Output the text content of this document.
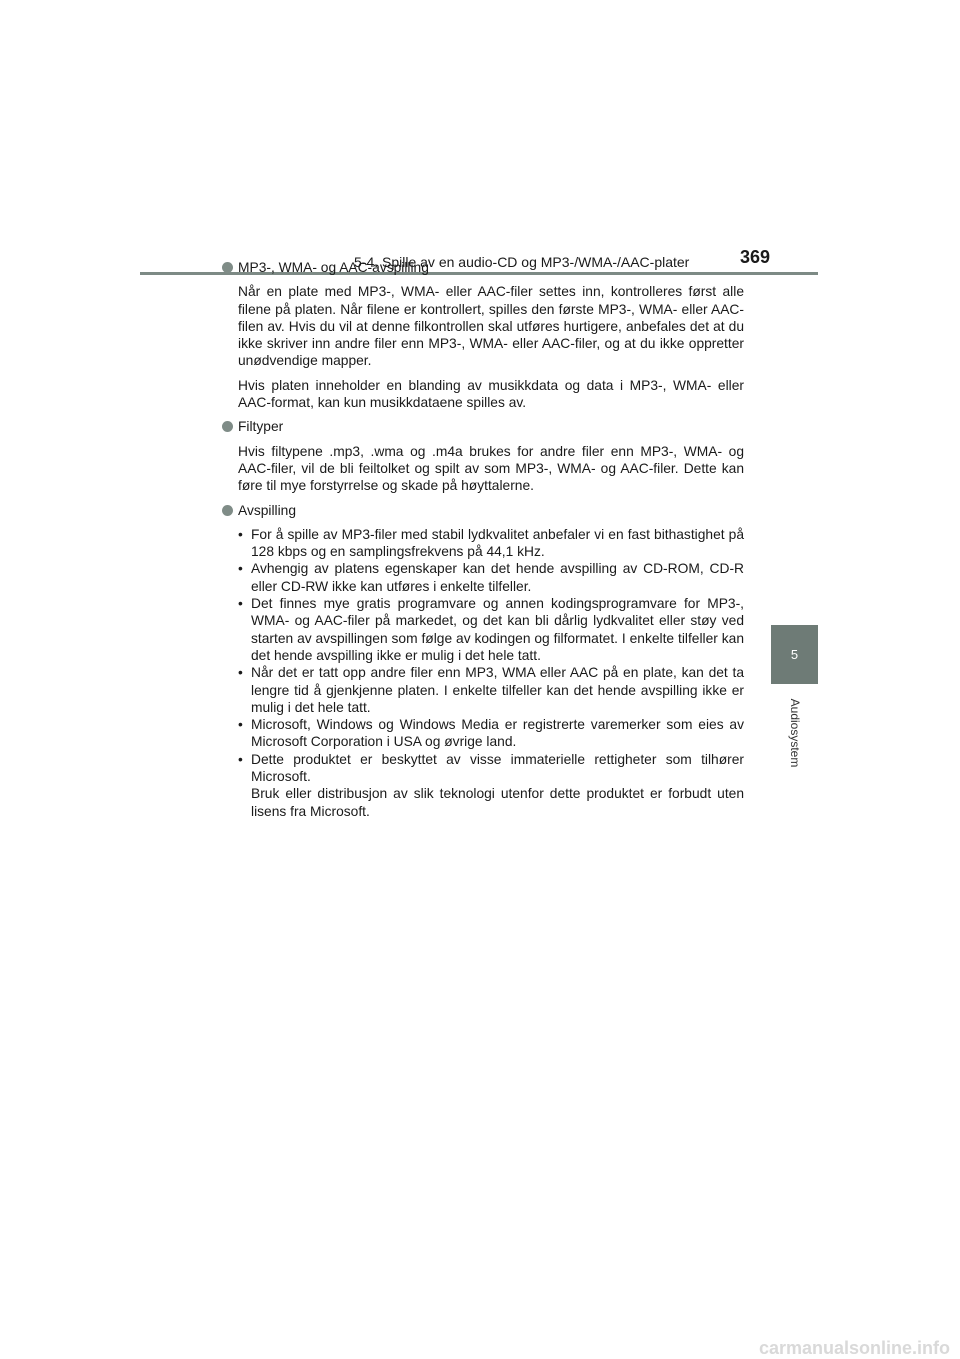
5-4. Spille av en audio-CD og MP3-/WMA-/AAC-plater	369
5
Audiosystem
MP3-, WMA- og AAC-avspilling

Når en plate med MP3-, WMA- eller AAC-filer settes inn, kontrolleres først alle filene på platen. Når filene er kontrollert, spilles den første MP3-, WMA- eller AAC-filen av. Hvis du vil at denne filkontrollen skal utføres hurtigere, anbefales det at du ikke skriver inn andre filer enn MP3-, WMA- eller AAC-filer, og at du ikke oppretter unødvendige mapper.

Hvis platen inneholder en blanding av musikkdata og data i MP3-, WMA- eller AAC-format, kan kun musikkdataene spilles av.

Filtyper

Hvis filtypene .mp3, .wma og .m4a brukes for andre filer enn MP3-, WMA- og AAC-filer, vil de bli feiltolket og spilt av som MP3-, WMA- og AAC-filer. Dette kan føre til mye forstyrrelse og skade på høyttalerne.

Avspilling
• For å spille av MP3-filer med stabil lydkvalitet anbefaler vi en fast bithastighet på 128 kbps og en samplingsfrekvens på 44,1 kHz.
• Avhengig av platens egenskaper kan det hende avspilling av CD-ROM, CD-R eller CD-RW ikke kan utføres i enkelte tilfeller.
• Det finnes mye gratis programvare og annen kodingsprogramvare for MP3-, WMA- og AAC-filer på markedet, og det kan bli dårlig lydkvalitet eller støy ved starten av avspillingen som følge av kodingen og filformatet. I enkelte tilfeller kan det hende avspilling ikke er mulig i det hele tatt.
• Når det er tatt opp andre filer enn MP3, WMA eller AAC på en plate, kan det ta lengre tid å gjenkjenne platen. I enkelte tilfeller kan det hende avspilling ikke er mulig i det hele tatt.
• Microsoft, Windows og Windows Media er registrerte varemerker som eies av Microsoft Corporation i USA og øvrige land.
• Dette produktet er beskyttet av visse immaterielle rettigheter som tilhører Microsoft.
Bruk eller distribusjon av slik teknologi utenfor dette produktet er forbudt uten lisens fra Microsoft.
carmanualsonline.info
